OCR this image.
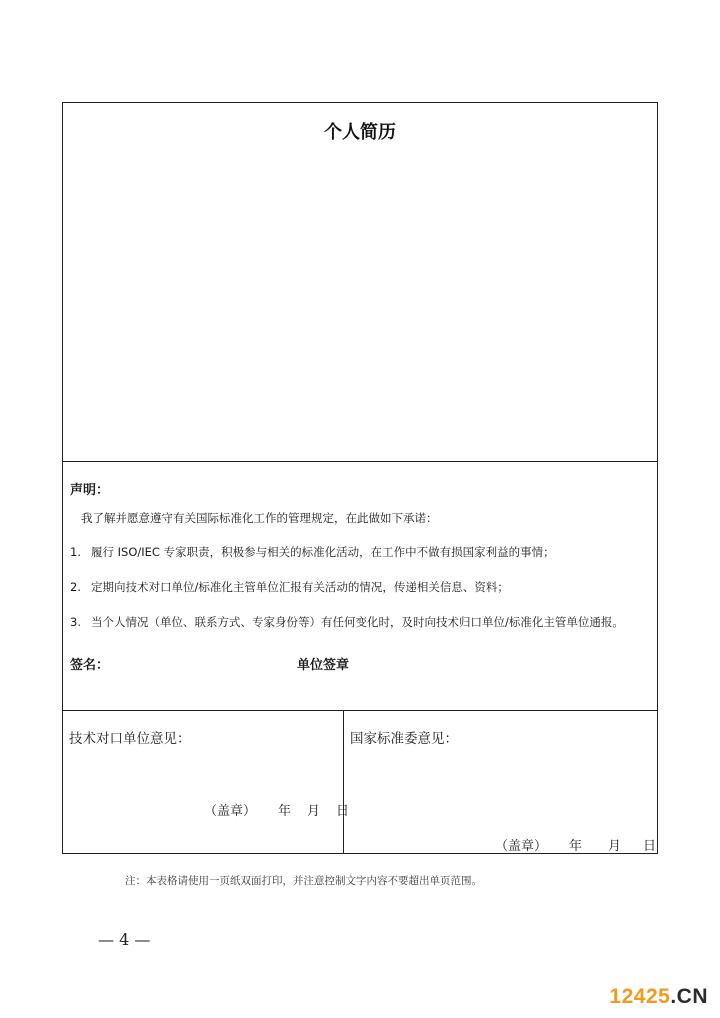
个人简历
声明：
我了解并愿意遵守有关国际标准化工作的管理规定，在此做如下承诺：
1. 履行 ISO/IEC 专家职责，积极参与相关的标准化活动，在工作中不做有损国家利益的事情；
2. 定期向技术对口单位/标准化主管单位汇报有关活动的情况，传递相关信息、资料；
3. 当个人情况（单位、联系方式、专家身份等）有任何变化时，及时向技术归口单位/标准化主管单位通报。
签名：	单位签章
技术对口单位意见：
（盖章） 年 月 日
国家标准委意见：
（盖章） 年 月 日
注：本表格请使用一页纸双面打印，并注意控制文字内容不要超出单页范围。
— 4 —
12425.CN
